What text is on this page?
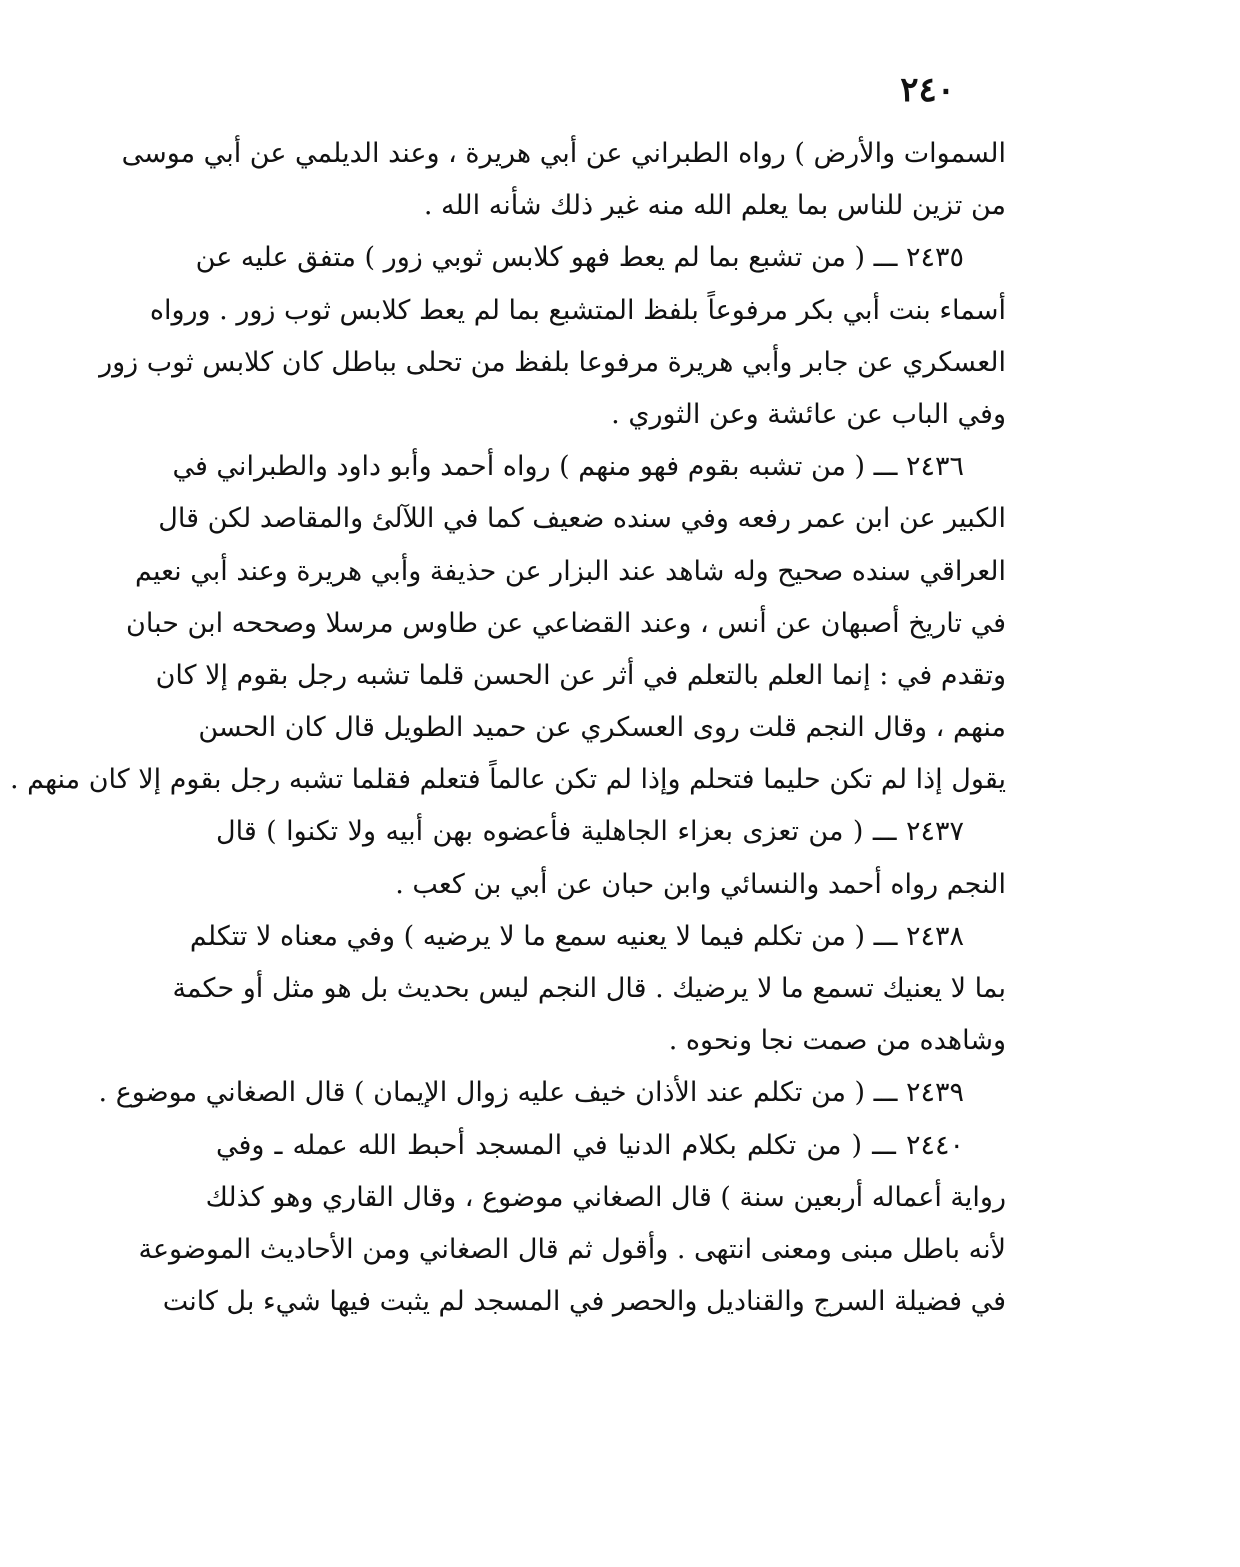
٢٤٠
السموات والأرض ) رواه الطبراني عن أبي هريرة ، وعند الديلمي عن أبي موسى
من تزين للناس بما يعلم الله منه غير ذلك شأنه الله .
٢٤٣٥ ـــ ( من تشبع بما لم يعط فهو كلابس ثوبي زور ) متفق عليه عن
أسماء بنت أبي بكر مرفوعاً بلفظ المتشبع بما لم يعط كلابس ثوب زور . ورواه
العسكري عن جابر وأبي هريرة مرفوعا بلفظ من تحلى بباطل كان كلابس ثوب زور
وفي الباب عن عائشة وعن الثوري .
٢٤٣٦ ـــ ( من تشبه بقوم فهو منهم ) رواه أحمد وأبو داود والطبراني في
الكبير عن ابن عمر رفعه وفي سنده ضعيف كما في اللآلئ والمقاصد لكن قال
العراقي سنده صحيح وله شاهد عند البزار عن حذيفة وأبي هريرة وعند أبي نعيم
في تاريخ أصبهان عن أنس ، وعند القضاعي عن طاوس مرسلا وصححه ابن حبان
وتقدم في : إنما العلم بالتعلم في أثر عن الحسن قلما تشبه رجل بقوم إلا كان
منهم ، وقال النجم قلت روى العسكري عن حميد الطويل قال كان الحسن
يقول إذا لم تكن حليما فتحلم وإذا لم تكن عالماً فتعلم فقلما تشبه رجل بقوم إلا كان منهم .
٢٤٣٧ ـــ ( من تعزى بعزاء الجاهلية فأعضوه بهن أبيه ولا تكنوا ) قال
النجم رواه أحمد والنسائي وابن حبان عن أبي بن كعب .
٢٤٣٨ ـــ ( من تكلم فيما لا يعنيه سمع ما لا يرضيه ) وفي معناه لا تتكلم
بما لا يعنيك تسمع ما لا يرضيك . قال النجم ليس بحديث بل هو مثل أو حكمة
وشاهده من صمت نجا ونحوه .
٢٤٣٩ ـــ ( من تكلم عند الأذان خيف عليه زوال الإيمان ) قال الصغاني موضوع .
٢٤٤٠ ـــ ( من تكلم بكلام الدنيا في المسجد أحبط الله عمله ـ وفي
رواية أعماله أربعين سنة ) قال الصغاني موضوع ، وقال القاري وهو كذلك
لأنه باطل مبنى ومعنى انتهى . وأقول ثم قال الصغاني ومن الأحاديث الموضوعة
في فضيلة السرج والقناديل والحصر في المسجد لم يثبت فيها شيء بل كانت
